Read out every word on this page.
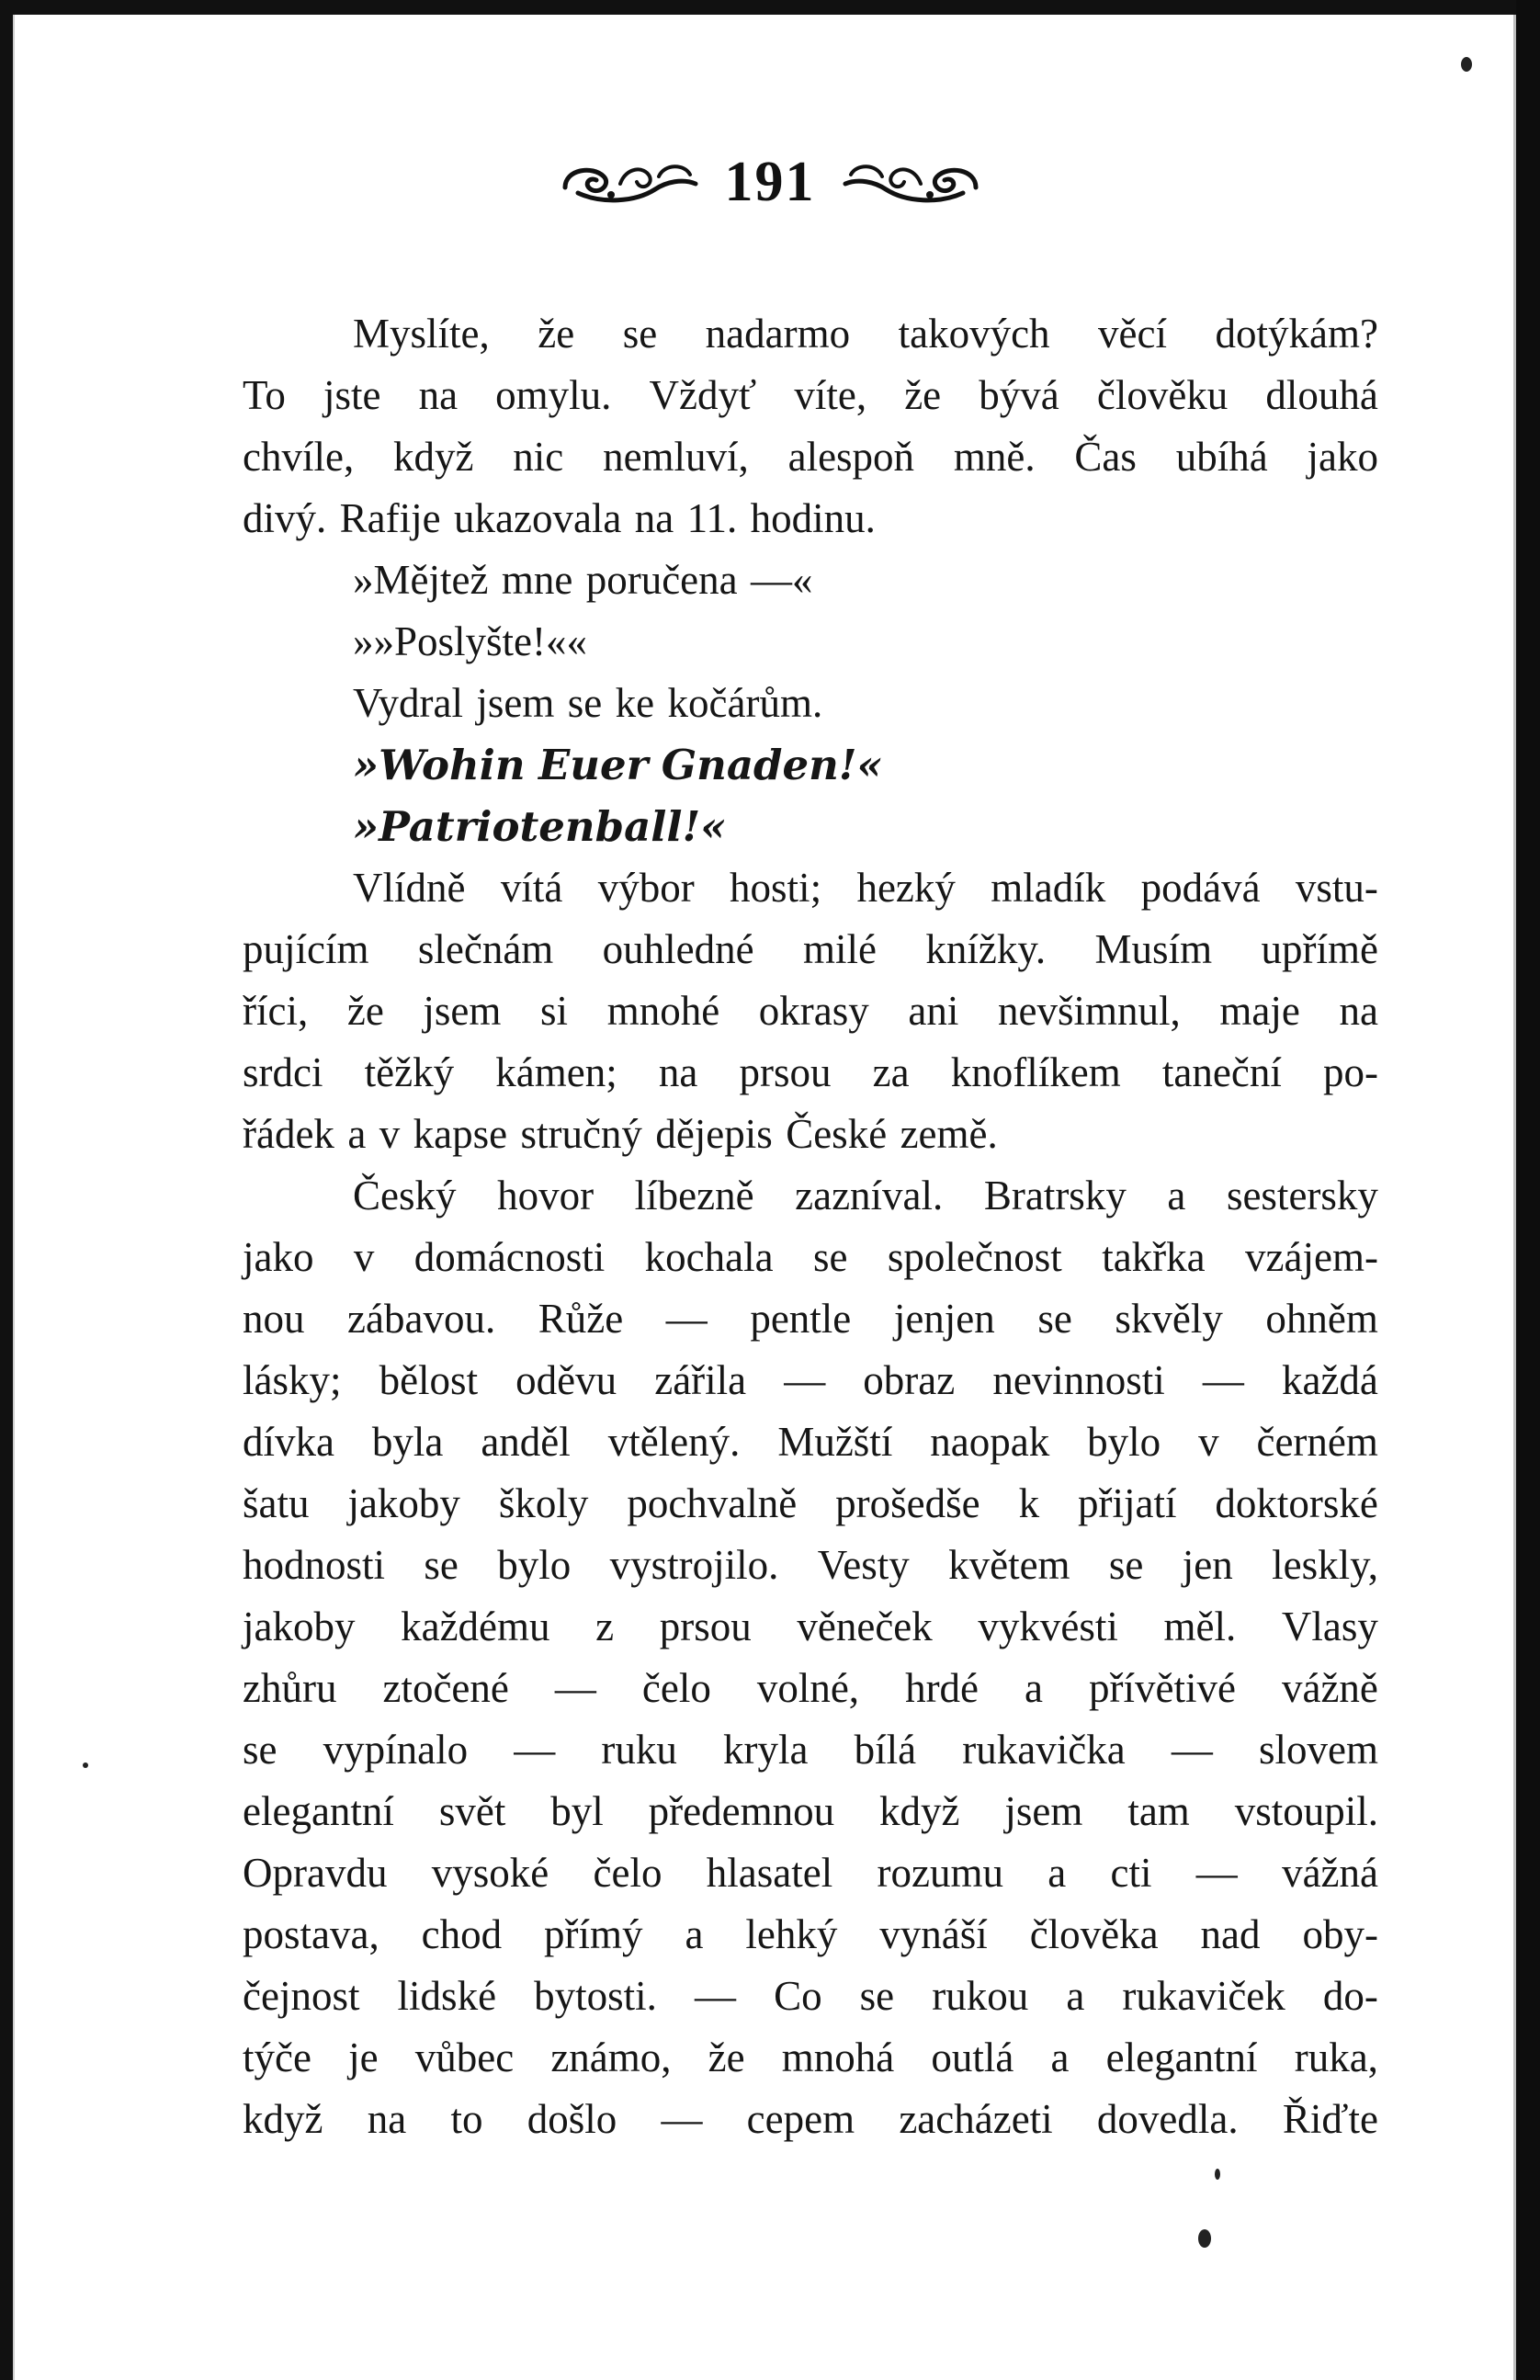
191
Myslíte, že se nadarmo takových věcí dotýkám?
To jste na omylu. Vždyť víte, že bývá člověku dlouhá
chvíle, když nic nemluví, alespoň mně. Čas ubíhá jako
divý. Rafije ukazovala na 11. hodinu.
»Mějtež mne poručena —«
»»Poslyšte!««
Vydral jsem se ke kočárům.
»Wohin Euer Gnaden!«
»Patriotenball!«
Vlídně vítá výbor hosti; hezký mladík podává vstu-
pujícím slečnám ouhledné milé knížky. Musím upřímě
říci, že jsem si mnohé okrasy ani nevšimnul, maje na
srdci těžký kámen; na prsou za knoflíkem taneční po-
řádek a v kapse stručný dějepis České země.
Český hovor líbezně zazníval. Bratrsky a sestersky
jako v domácnosti kochala se společnost takřka vzájem-
nou zábavou. Růže — pentle jenjen se skvěly ohněm
lásky; bělost oděvu zářila — obraz nevinnosti — každá
dívka byla anděl vtělený. Mužští naopak bylo v černém
šatu jakoby školy pochvalně prošedše k přijatí doktorské
hodnosti se bylo vystrojilo. Vesty květem se jen leskly,
jakoby každému z prsou věneček vykvésti měl. Vlasy
zhůru ztočené — čelo volné, hrdé a přívětivé vážně
se vypínalo — ruku kryla bílá rukavička — slovem
elegantní svět byl předemnou když jsem tam vstoupil.
Opravdu vysoké čelo hlasatel rozumu a cti — vážná
postava, chod přímý a lehký vynáší člověka nad oby-
čejnost lidské bytosti. — Co se rukou a rukaviček do-
týče je vůbec známo, že mnohá outlá a elegantní ruka,
když na to došlo — cepem zacházeti dovedla. Řiďte
